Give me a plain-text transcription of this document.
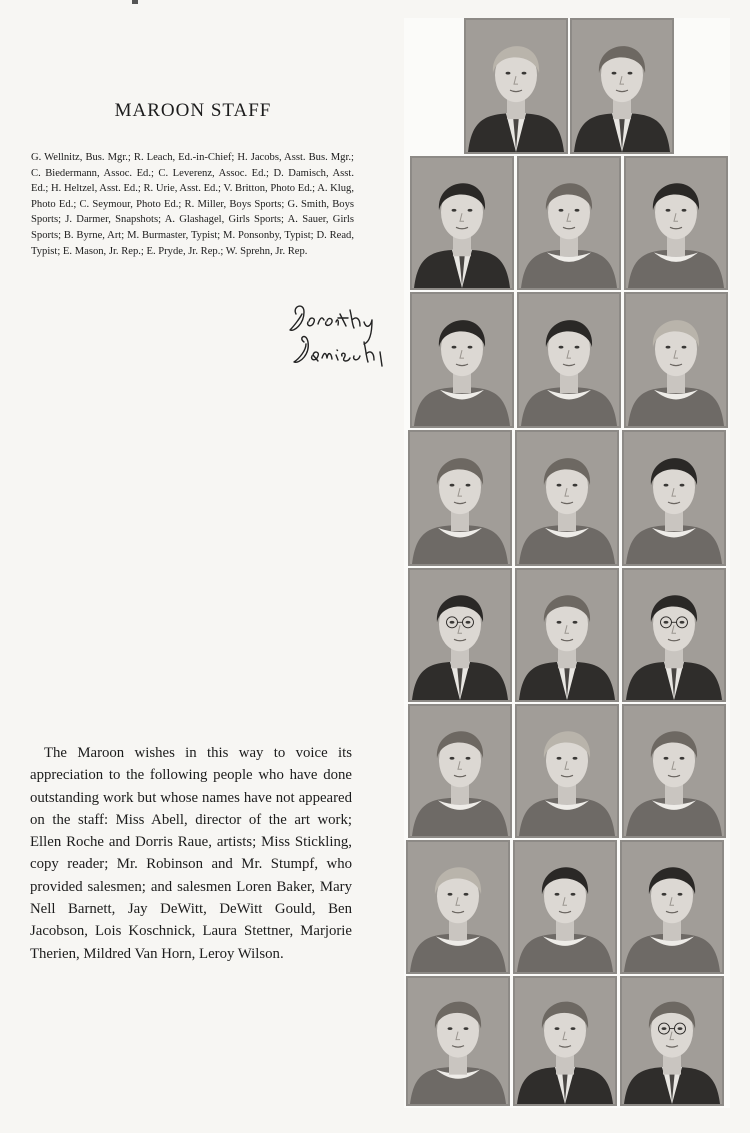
MAROON STAFF
G. Wellnitz, Bus. Mgr.; R. Leach, Ed.-in-Chief; H. Jacobs, Asst. Bus. Mgr.; C. Biedermann, Assoc. Ed.; C. Leverenz, Assoc. Ed.; D. Damisch, Asst. Ed.; H. Heltzel, Asst. Ed.; R. Urie, Asst. Ed.; V. Britton, Photo Ed.; A. Klug, Photo Ed.; C. Seymour, Photo Ed.; R. Miller, Boys Sports; G. Smith, Boys Sports; J. Darmer, Snapshots; A. Glashagel, Girls Sports; A. Sauer, Girls Sports; B. Byrne, Art; M. Burmaster, Typist; M. Ponsonby, Typist; D. Read, Typist; E. Mason, Jr. Rep.; E. Pryde, Jr. Rep.; W. Sprehn, Jr. Rep.
The Maroon wishes in this way to voice its appreciation to the following people who have done outstanding work but whose names have not appeared on the staff: Miss Abell, director of the art work; Ellen Roche and Dorris Raue, artists; Miss Stickling, copy reader; Mr. Robinson and Mr. Stumpf, who provided salesmen; and salesmen Loren Baker, Mary Nell Barnett, Jay DeWitt, DeWitt Gould, Ben Jacobson, Lois Koschnick, Laura Stettner, Marjorie Therien, Mildred Van Horn, Leroy Wilson.
